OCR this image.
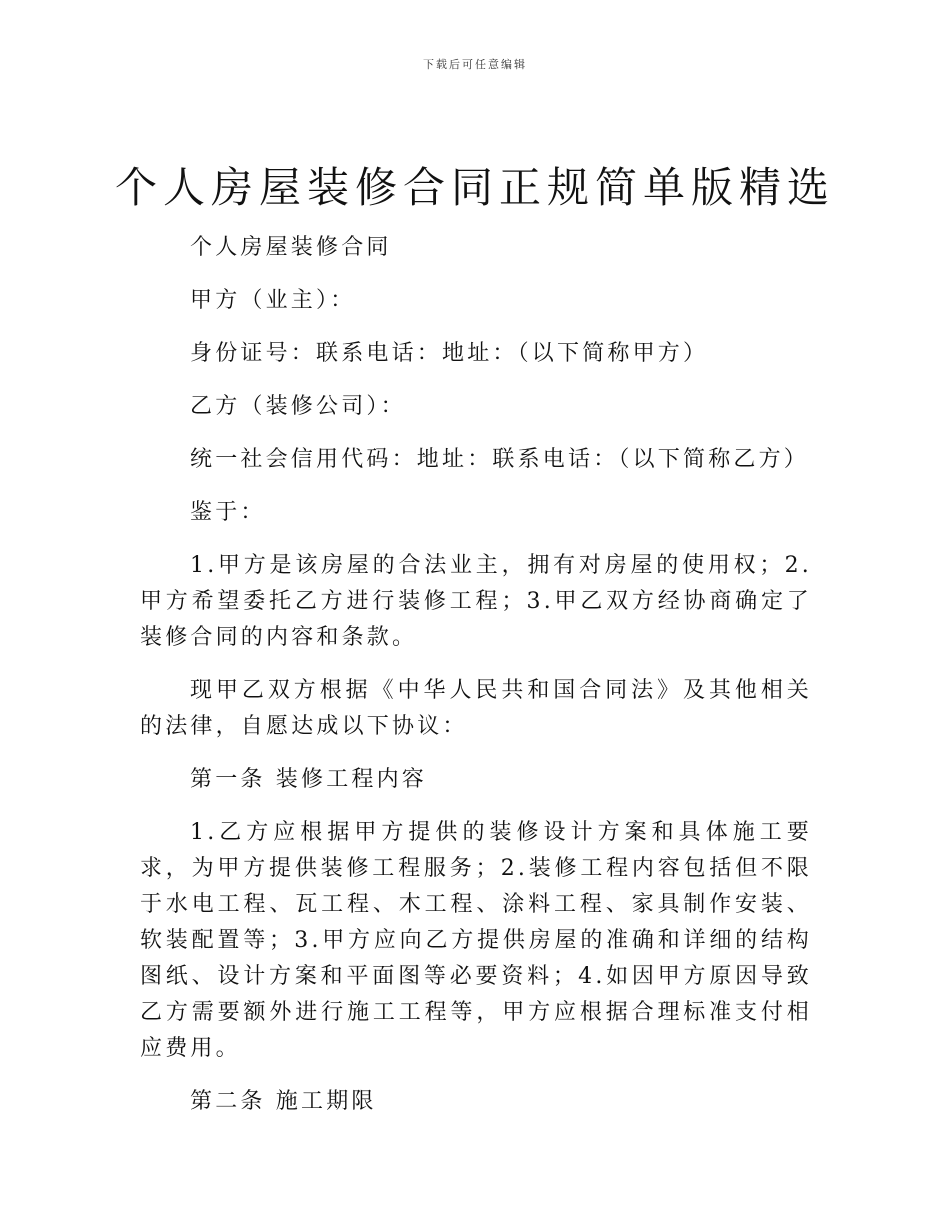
下载后可任意编辑
个人房屋装修合同正规简单版精选

个人房屋装修合同

甲方（业主）：

身份证号：联系电话：地址：（以下简称甲方）

乙方（装修公司）：

统一社会信用代码：地址：联系电话：（以下简称乙方）

鉴于：

1.甲方是该房屋的合法业主，拥有对房屋的使用权；2.甲方希望委托乙方进行装修工程；3.甲乙双方经协商确定了装修合同的内容和条款。

现甲乙双方根据《中华人民共和国合同法》及其他相关的法律，自愿达成以下协议：

第一条 装修工程内容

1.乙方应根据甲方提供的装修设计方案和具体施工要求，为甲方提供装修工程服务；2.装修工程内容包括但不限于水电工程、瓦工程、木工程、涂料工程、家具制作安装、软装配置等；3.甲方应向乙方提供房屋的准确和详细的结构图纸、设计方案和平面图等必要资料；4.如因甲方原因导致乙方需要额外进行施工工程等，甲方应根据合理标准支付相应费用。

第二条 施工期限
